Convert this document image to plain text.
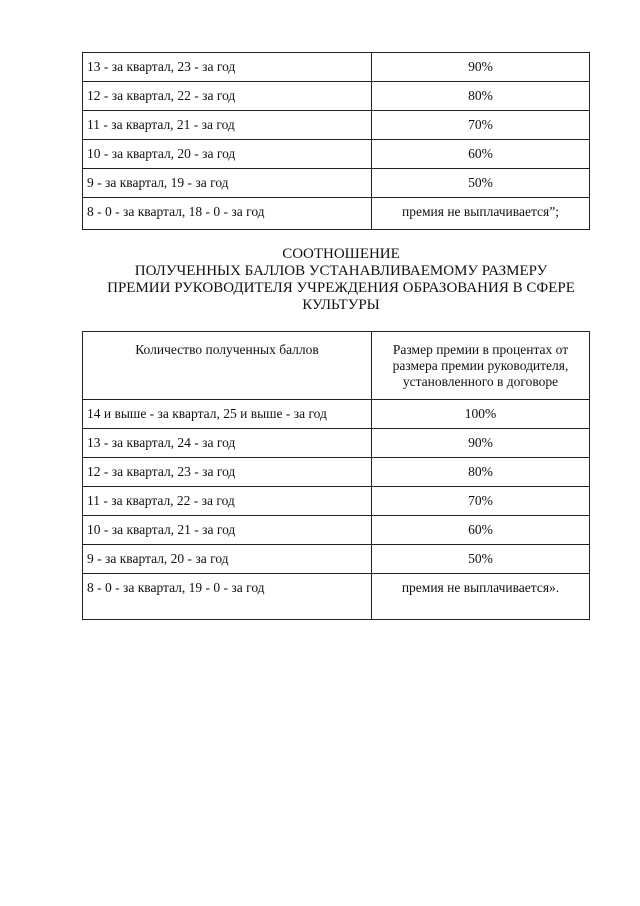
13 - за квартал, 23 - за год	90%
12 - за квартал, 22 - за год	80%
11 - за квартал, 21 - за год	70%
10 - за квартал, 20 - за год	60%
9 - за квартал, 19 - за год	50%
8 - 0 - за квартал, 18 - 0 - за год	премия не выплачивается”;
СООТНОШЕНИЕ
ПОЛУЧЕННЫХ БАЛЛОВ УСТАНАВЛИВАЕМОМУ РАЗМЕРУ
ПРЕМИИ РУКОВОДИТЕЛЯ УЧРЕЖДЕНИЯ ОБРАЗОВАНИЯ В СФЕРЕ
КУЛЬТУРЫ
Количество полученных баллов	Размер премии в процентах от
размера премии руководителя,
установленного в договоре

14 и выше - за квартал, 25 и выше - за год	100%
13 - за квартал, 24 - за год	90%
12 - за квартал, 23 - за год	80%
11 - за квартал, 22 - за год	70%
10 - за квартал, 21 - за год	60%
9 - за квартал, 20 - за год	50%
8 - 0 - за квартал, 19 - 0 - за год	премия не выплачивается».
